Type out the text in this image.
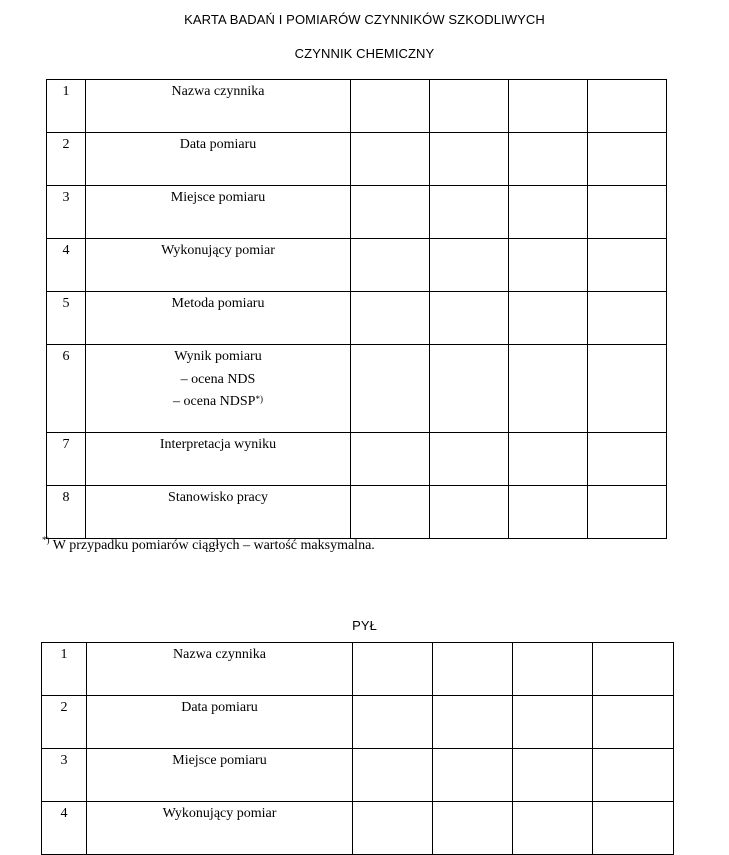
KARTA BADAŃ I POMIARÓW CZYNNIKÓW SZKODLIWYCH
CZYNNIK CHEMICZNY
1	Nazwa czynnika				

2	Data pomiaru				

3	Miejsce pomiaru				

4	Wykonujący pomiar				

5	Metoda pomiaru				

6	Wynik pomiaru
– ocena NDS
– ocena NDSP*)

7	Interpretacja wyniku				

8	Stanowisko pracy				

*) W przypadku pomiarów ciągłych – wartość maksymalna.

PYŁ
1	Nazwa czynnika				

2	Data pomiaru				

3	Miejsce pomiaru				

4	Wykonujący pomiar				
